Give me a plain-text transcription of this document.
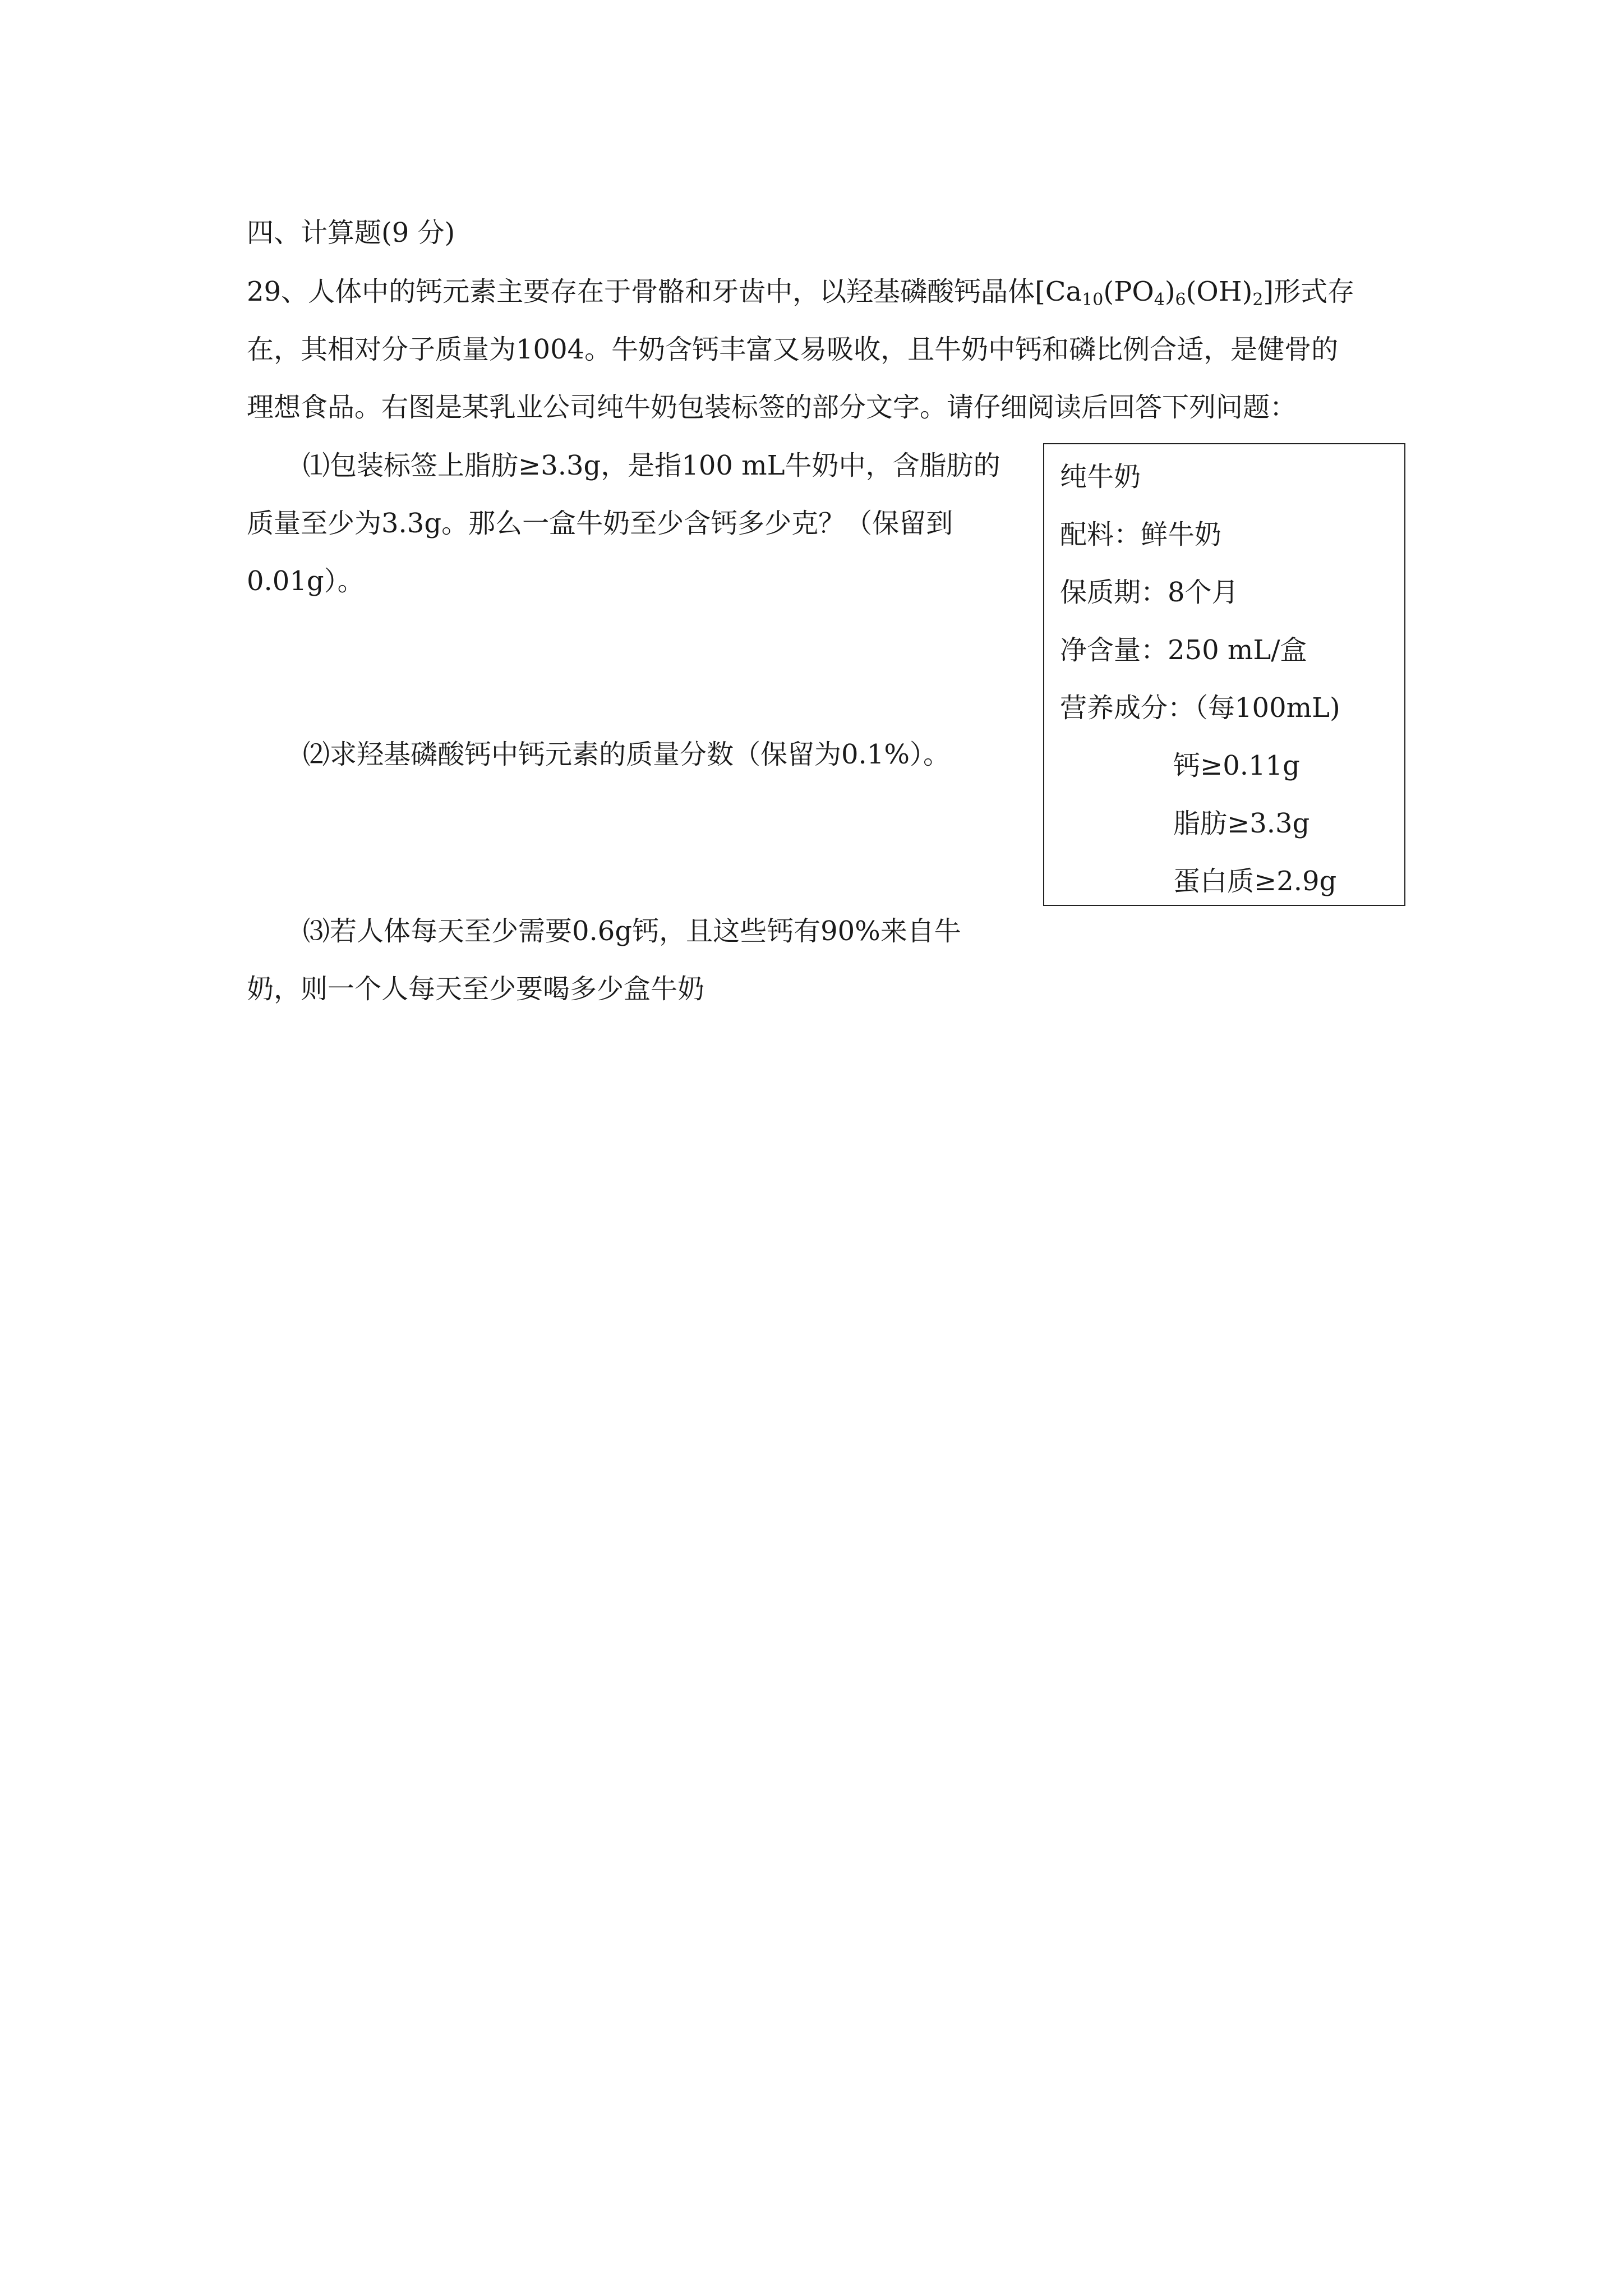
四、计算题(9 分)
29、人体中的钙元素主要存在于骨骼和牙齿中，以羟基磷酸钙晶体$[Ca_{10}(PO_4)_6(OH)_2]$形式存
在，其相对分子质量为1004。牛奶含钙丰富又易吸收，且牛奶中钙和磷比例合适，是健骨的
理想食品。右图是某乳业公司纯牛奶包装标签的部分文字。请仔细阅读后回答下列问题：
⑴包装标签上脂肪≥3.3g，是指100 mL牛奶中，含脂肪的
质量至少为3.3g。那么一盒牛奶至少含钙多少克？（保留到
0.01g）。
⑵求羟基磷酸钙中钙元素的质量分数（保留为0.1%）。
⑶若人体每天至少需要0.6g钙，且这些钙有90%来自牛
奶，则一个人每天至少要喝多少盒牛奶
纯牛奶
配料：鲜牛奶
保质期：8个月
净含量：250 mL/盒
营养成分：（每100mL)
钙≥0.11g
脂肪≥3.3g
蛋白质≥2.9g
